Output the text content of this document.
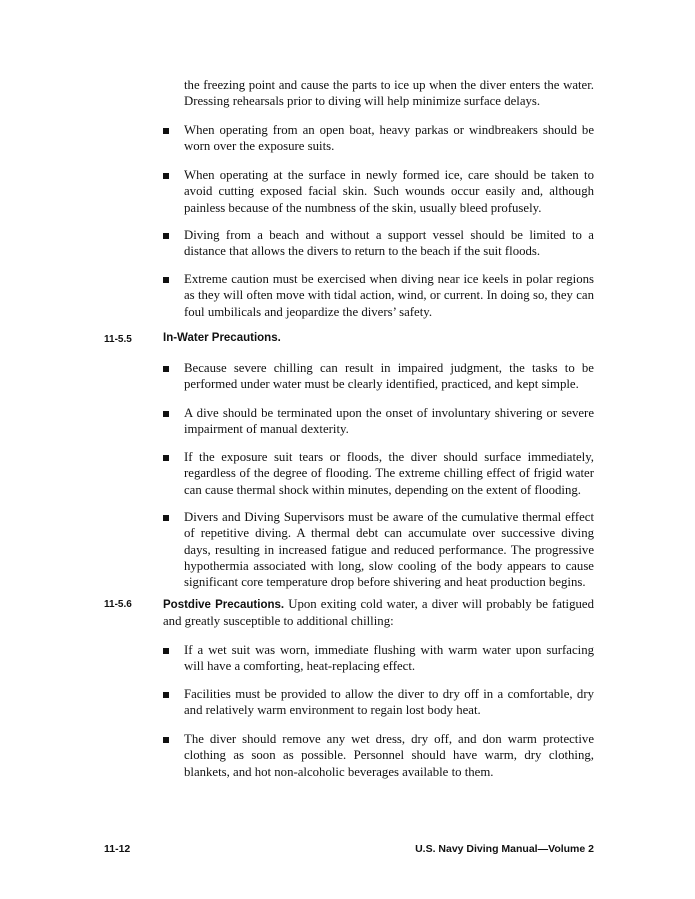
the freezing point and cause the parts to ice up when the diver enters the water. Dressing rehearsals prior to diving will help minimize surface delays.

When operating from an open boat, heavy parkas or windbreakers should be worn over the exposure suits.

When operating at the surface in newly formed ice, care should be taken to avoid cutting exposed facial skin. Such wounds occur easily and, although painless because of the numbness of the skin, usually bleed profusely.

Diving from a beach and without a support vessel should be limited to a distance that allows the divers to return to the beach if the suit floods.

Extreme caution must be exercised when diving near ice keels in polar regions as they will often move with tidal action, wind, or current. In doing so, they can foul umbilicals and jeopardize the divers’ safety.

11-5.5	In-Water Precautions.

Because severe chilling can result in impaired judgment, the tasks to be performed under water must be clearly identified, practiced, and kept simple.

A dive should be terminated upon the onset of involuntary shivering or severe impairment of manual dexterity.

If the exposure suit tears or floods, the diver should surface immediately, regardless of the degree of flooding. The extreme chilling effect of frigid water can cause thermal shock within minutes, depending on the extent of flooding.

Divers and Diving Supervisors must be aware of the cumulative thermal effect of repetitive diving. A thermal debt can accumulate over successive diving days, resulting in increased fatigue and reduced performance. The progressive hypothermia associated with long, slow cooling of the body appears to cause significant core temperature drop before shivering and heat production begins.

11-5.6	Postdive Precautions. Upon exiting cold water, a diver will probably be fatigued and greatly susceptible to additional chilling:

If a wet suit was worn, immediate flushing with warm water upon surfacing will have a comforting, heat-replacing effect.

Facilities must be provided to allow the diver to dry off in a comfortable, dry and relatively warm environment to regain lost body heat.

The diver should remove any wet dress, dry off, and don warm protective clothing as soon as possible. Personnel should have warm, dry clothing, blankets, and hot non-alcoholic beverages available to them.

11-12	U.S. Navy Diving Manual—Volume 2
